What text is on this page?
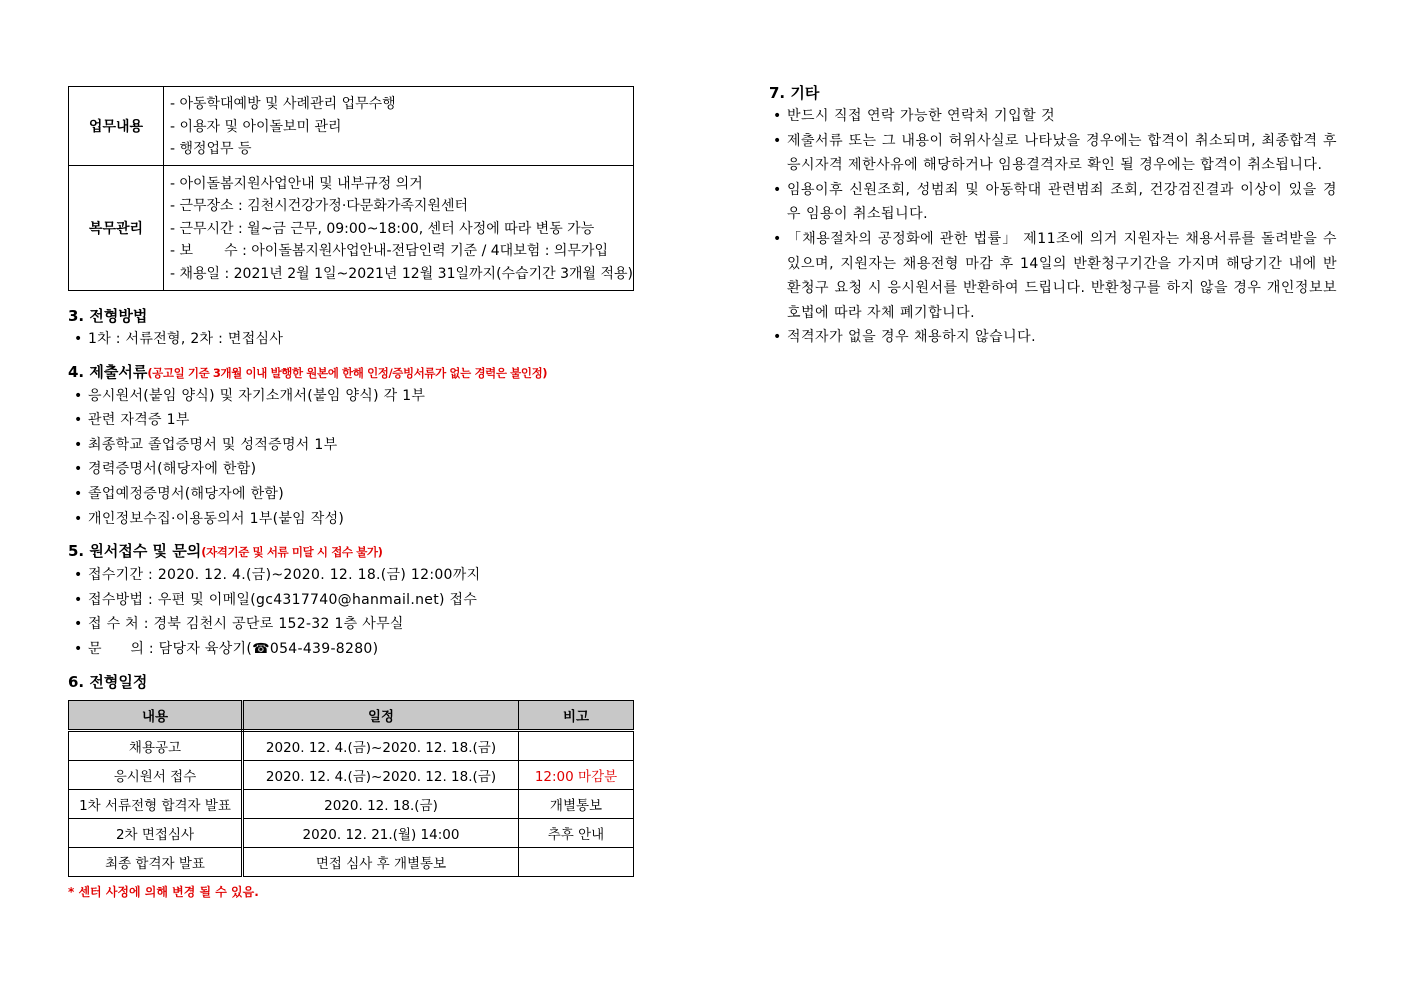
업무내용	- 아동학대예방 및 사례관리 업무수행
- 이용자 및 아이돌보미 관리
- 행정업무 등

복무관리	- 아이돌봄지원사업안내 및 내부규정 의거
- 근무장소 : 김천시건강가정·다문화가족지원센터
- 근무시간 : 월~금 근무, 09:00~18:00, 센터 사정에 따라 변동 가능
- 보       수 : 아이돌봄지원사업안내-전담인력 기준 / 4대보험 : 의무가입
- 채용일 : 2021년 2월 1일~2021년 12월 31일까지(수습기간 3개월 적용)
3. 전형방법
• 1차 : 서류전형, 2차 : 면접심사
4. 제출서류(공고일 기준 3개월 이내 발행한 원본에 한해 인정/증빙서류가 없는 경력은 불인정)
• 응시원서(붙임 양식) 및 자기소개서(붙임 양식) 각 1부
• 관련 자격증 1부
• 최종학교 졸업증명서 및 성적증명서 1부
• 경력증명서(해당자에 한함)
• 졸업예정증명서(해당자에 한함)
• 개인정보수집·이용동의서 1부(붙임 작성)
5. 원서접수 및 문의(자격기준 및 서류 미달 시 접수 불가)
• 접수기간 : 2020. 12. 4.(금)~2020. 12. 18.(금) 12:00까지
• 접수방법 : 우편 및 이메일(gc4317740@hanmail.net) 접수
• 접 수 처 : 경북 김천시 공단로 152-32 1층 사무실
• 문      의 : 담당자 육상기(☎054-439-8280)
6. 전형일정
내용	일정	비고
채용공고	2020. 12. 4.(금)~2020. 12. 18.(금)	
응시원서 접수	2020. 12. 4.(금)~2020. 12. 18.(금)	12:00 마감분
1차 서류전형 합격자 발표	2020. 12. 18.(금)	개별통보
2차 면접심사	2020. 12. 21.(월) 14:00	추후 안내
최종 합격자 발표	면접 심사 후 개별통보	
* 센터 사정에 의해 변경 될 수 있음.
7. 기타
• 반드시 직접 연락 가능한 연락처 기입할 것
• 제출서류 또는 그 내용이 허위사실로 나타났을 경우에는 합격이 취소되며, 최종합격 후 응시자격 제한사유에 해당하거나 임용결격자로 확인 될 경우에는 합격이 취소됩니다.
• 임용이후 신원조회, 성범죄 및 아동학대 관련범죄 조회, 건강검진결과 이상이 있을 경우 임용이 취소됩니다.
• 「채용절차의 공정화에 관한 법률」 제11조에 의거 지원자는 채용서류를 돌려받을 수 있으며, 지원자는 채용전형 마감 후 14일의 반환청구기간을 가지며 해당기간 내에 반환청구 요청 시 응시원서를 반환하여 드립니다. 반환청구를 하지 않을 경우 개인정보보호법에 따라 자체 폐기합니다.
• 적격자가 없을 경우 채용하지 않습니다.
